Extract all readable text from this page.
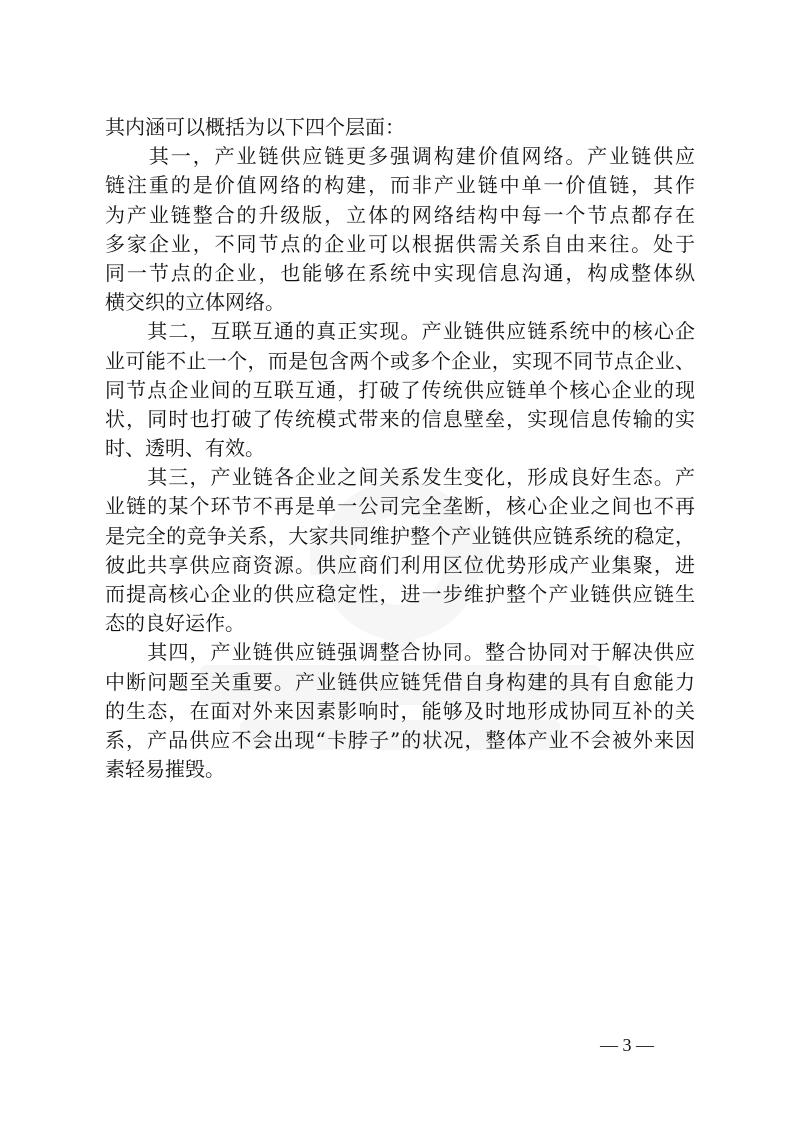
其内涵可以概括为以下四个层面：
　　其一，产业链供应链更多强调构建价值网络。产业链供应
链注重的是价值网络的构建，而非产业链中单一价值链，其作
为产业链整合的升级版，立体的网络结构中每一个节点都存在
多家企业，不同节点的企业可以根据供需关系自由来往。处于
同一节点的企业，也能够在系统中实现信息沟通，构成整体纵
横交织的立体网络。
　　其二，互联互通的真正实现。产业链供应链系统中的核心企
业可能不止一个，而是包含两个或多个企业，实现不同节点企业、
同节点企业间的互联互通，打破了传统供应链单个核心企业的现
状，同时也打破了传统模式带来的信息壁垒，实现信息传输的实
时、透明、有效。
　　其三，产业链各企业之间关系发生变化，形成良好生态。产
业链的某个环节不再是单一公司完全垄断，核心企业之间也不再
是完全的竞争关系，大家共同维护整个产业链供应链系统的稳定，
彼此共享供应商资源。供应商们利用区位优势形成产业集聚，进
而提高核心企业的供应稳定性，进一步维护整个产业链供应链生
态的良好运作。
　　其四，产业链供应链强调整合协同。整合协同对于解决供应
中断问题至关重要。产业链供应链凭借自身构建的具有自愈能力
的生态，在面对外来因素影响时，能够及时地形成协同互补的关
系，产品供应不会出现“卡脖子”的状况，整体产业不会被外来因
素轻易摧毁。
— 3 —
